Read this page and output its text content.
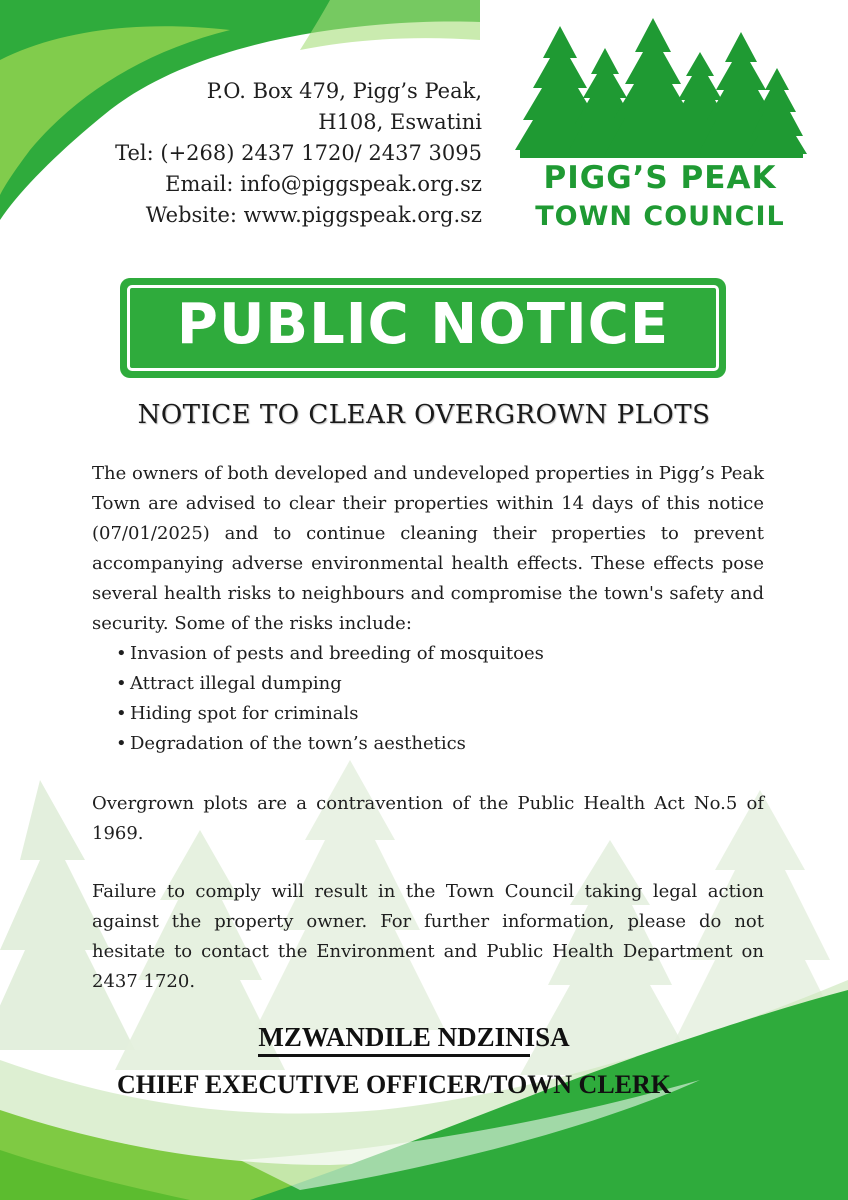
P.O. Box 479, Pigg’s Peak,
H108, Eswatini
Tel: (+268) 2437 1720/ 2437 3095
Email: info@piggspeak.org.sz
Website: www.piggspeak.org.sz
PIGG’S PEAK
TOWN COUNCIL
PUBLIC NOTICE
NOTICE TO CLEAR OVERGROWN PLOTS
The owners of both developed and undeveloped properties in Pigg’s Peak Town are advised to clear their properties within 14 days of this notice (07/01/2025) and to continue cleaning their properties to prevent accompanying adverse environmental health effects. These effects pose several health risks to neighbours and compromise the town's safety and security. Some of the risks include:
• Invasion of pests and breeding of mosquitoes
• Attract illegal dumping
• Hiding spot for criminals
• Degradation of the town’s aesthetics
Overgrown plots are a contravention of the Public Health Act No.5 of 1969.
Failure to comply will result in the Town Council taking legal action against the property owner. For further information, please do not hesitate to contact the Environment and Public Health Department on 2437 1720.
MZWANDILE NDZINISA
CHIEF EXECUTIVE OFFICER/TOWN CLERK
